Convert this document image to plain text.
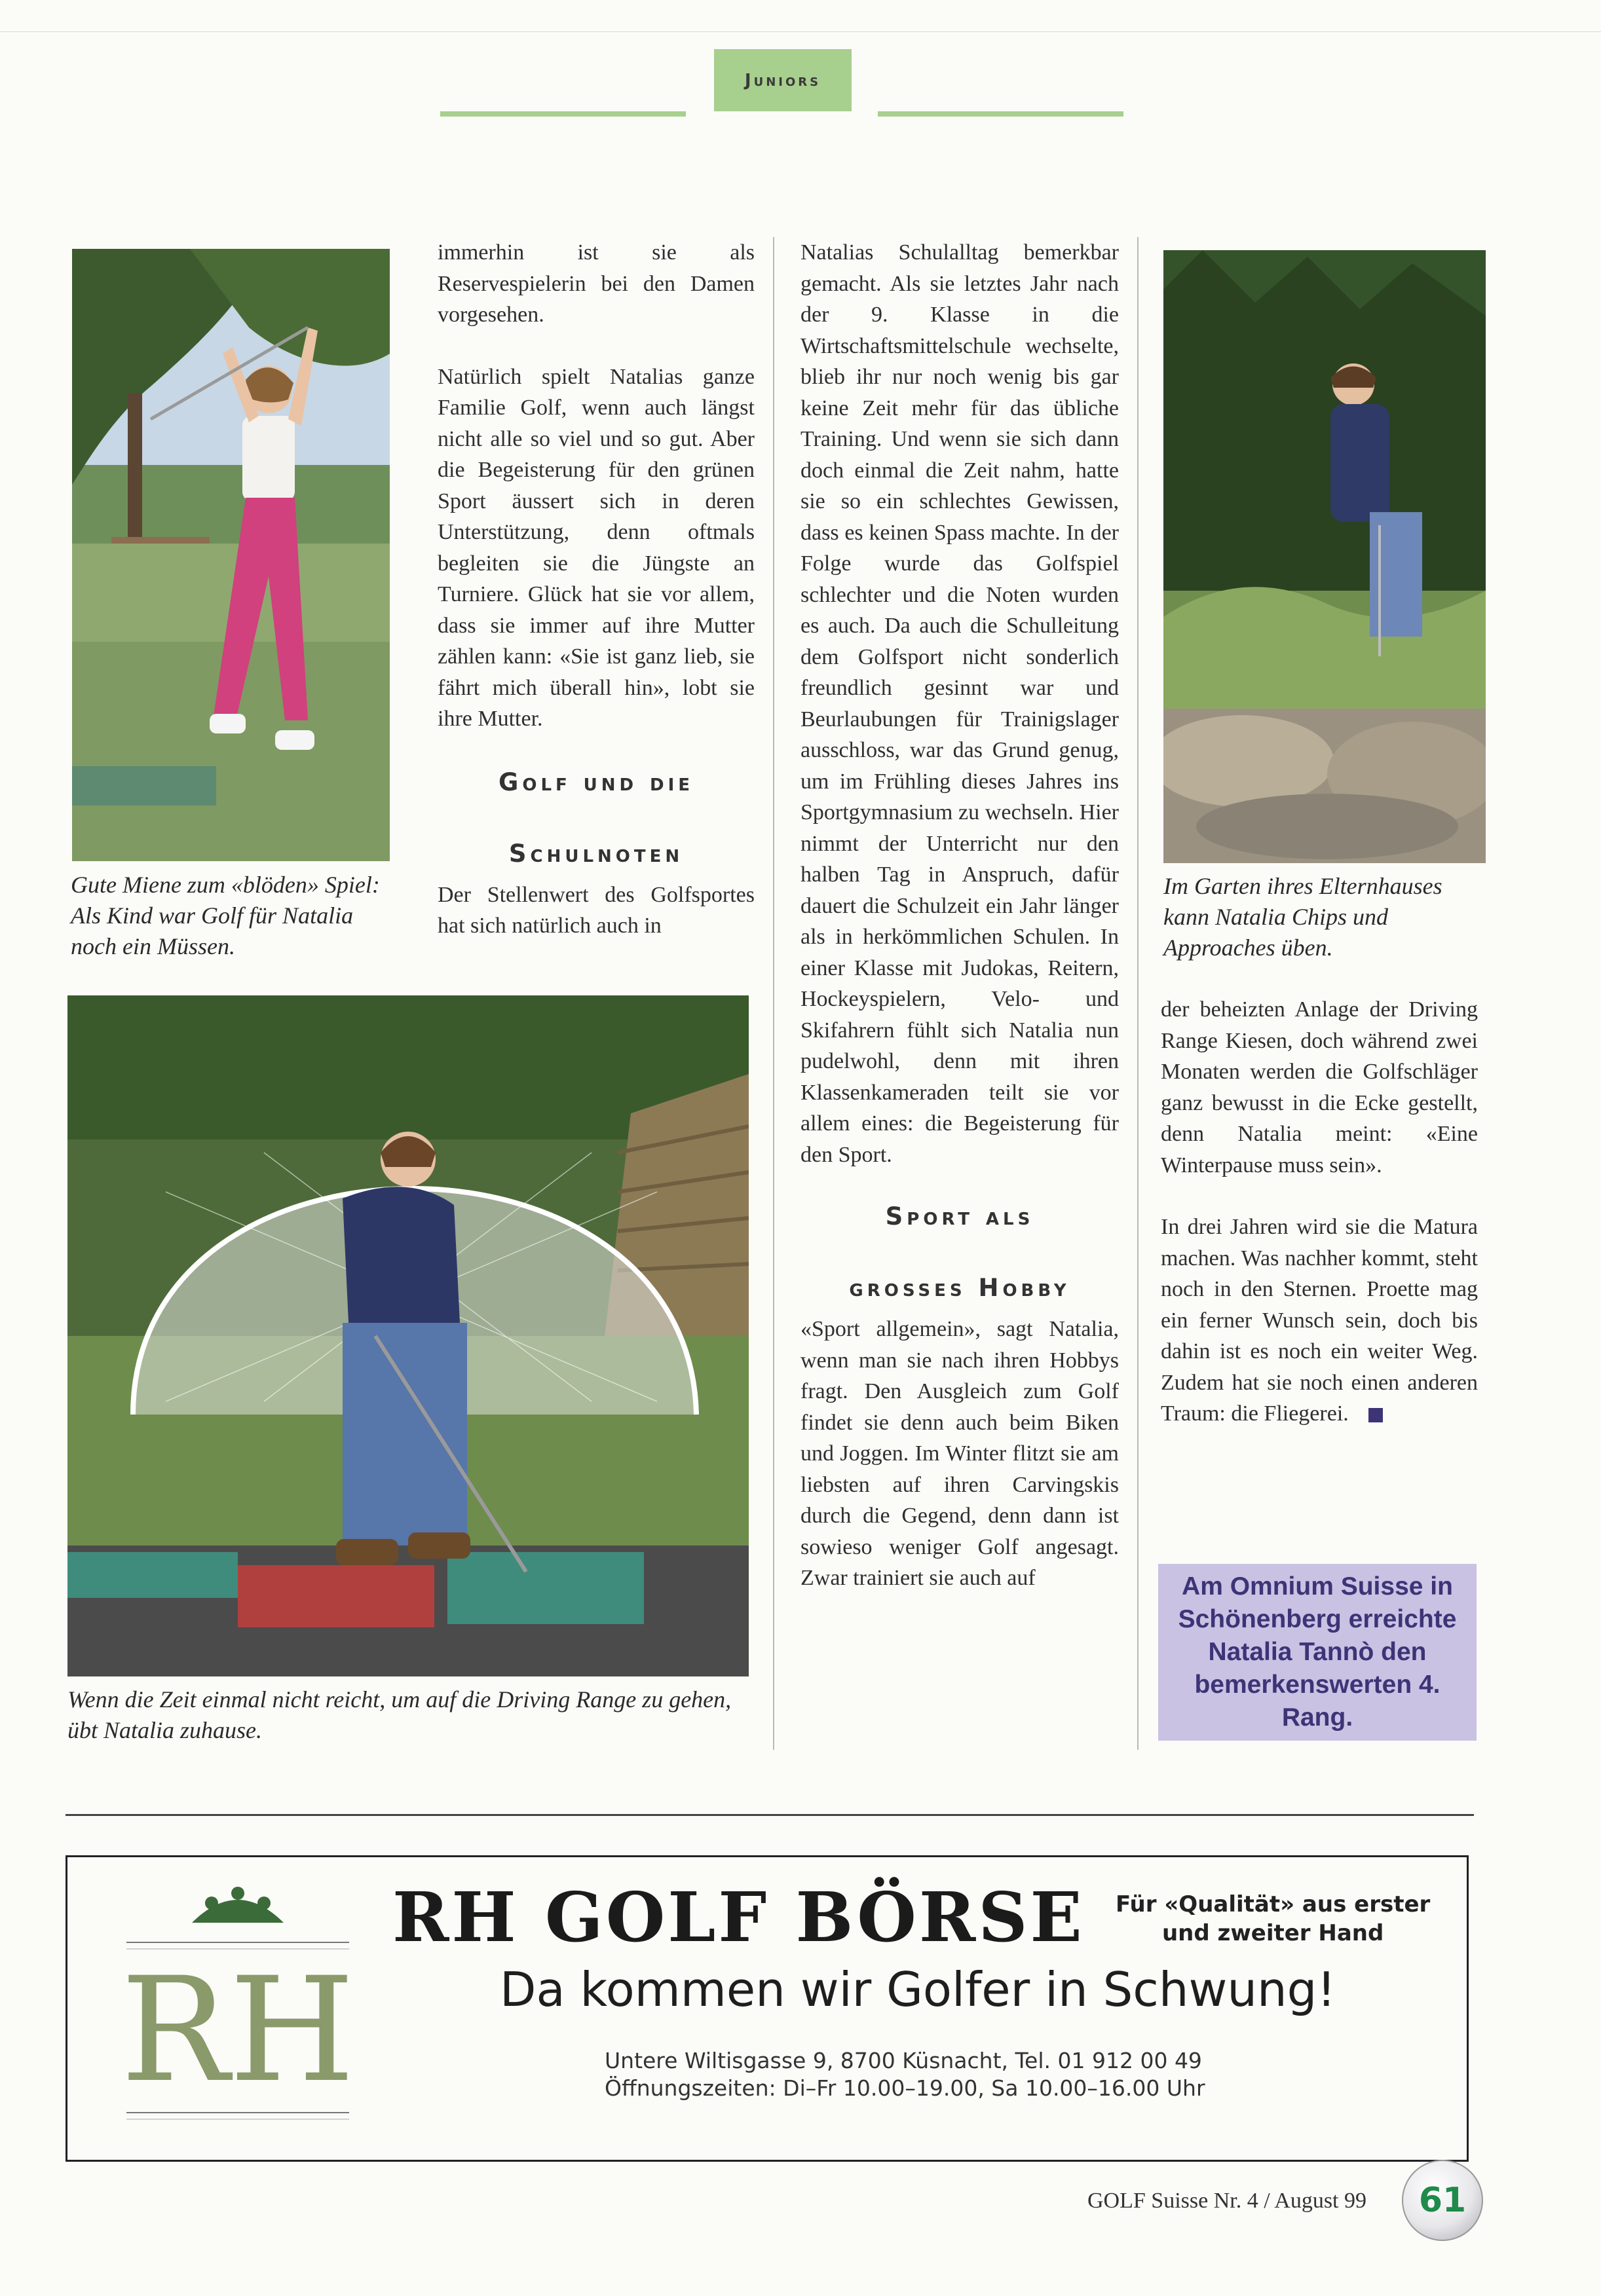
Juniors
Gute Miene zum «blöden» Spiel: Als Kind war Golf für Natalia noch ein Müssen.

immerhin ist sie als Reservespielerin bei den Damen vorgesehen.

Natürlich spielt Natalias ganze Familie Golf, wenn auch längst nicht alle so viel und so gut. Aber die Begeisterung für den grünen Sport äussert sich in deren Unterstützung, denn oftmals begleiten sie die Jüngste an Turniere. Glück hat sie vor allem, dass sie immer auf ihre Mutter zählen kann: «Sie ist ganz lieb, sie fährt mich überall hin», lobt sie ihre Mutter.

Golf und die

Schulnoten

Der Stellenwert des Golfsportes hat sich natürlich auch in

Natalias Schulalltag bemerkbar gemacht. Als sie letztes Jahr nach der 9. Klasse in die Wirtschaftsmittelschule wechselte, blieb ihr nur noch wenig bis gar keine Zeit mehr für das übliche Training. Und wenn sie sich dann doch einmal die Zeit nahm, hatte sie so ein schlechtes Gewissen, dass es keinen Spass machte. In der Folge wurde das Golfspiel schlechter und die Noten wurden es auch. Da auch die Schulleitung dem Golfsport nicht sonderlich freundlich gesinnt war und Beurlaubungen für Trainigslager ausschloss, war das Grund genug, um im Frühling dieses Jahres ins Sportgymnasium zu wechseln. Hier nimmt der Unterricht nur den halben Tag in Anspruch, dafür dauert die Schulzeit ein Jahr länger als in herkömmlichen Schulen. In einer Klasse mit Judokas, Reitern, Hockeyspielern, Velo- und Skifahrern fühlt sich Natalia nun pudelwohl, denn mit ihren Klassenkameraden teilt sie vor allem eines: die Begeisterung für den Sport.

Sport als

grosses Hobby

«Sport allgemein», sagt Natalia, wenn man sie nach ihren Hobbys fragt. Den Ausgleich zum Golf findet sie denn auch beim Biken und Joggen. Im Winter flitzt sie am liebsten auf ihren Carvingskis durch die Gegend, denn dann ist sowieso weniger Golf angesagt. Zwar trainiert sie auch auf

Im Garten ihres Elternhauses kann Natalia Chips und Approaches üben.

der beheizten Anlage der Driving Range Kiesen, doch während zwei Monaten werden die Golfschläger ganz bewusst in die Ecke gestellt, denn Natalia meint: «Eine Winterpause muss sein».

In drei Jahren wird sie die Matura machen. Was nachher kommt, steht noch in den Sternen. Proette mag ein ferner Wunsch sein, doch bis dahin ist es noch ein weiter Weg. Zudem hat sie noch einen anderen Traum: die Fliegerei.

Am Omnium Suisse in Schönenberg erreichte Natalia Tannò den bemerkenswerten 4. Rang.
Wenn die Zeit einmal nicht reicht, um auf die Driving Range zu gehen, übt Natalia zuhause.
RH
RH GOLF BÖRSE Für «Qualität» aus erster
und zweiter Hand
Da kommen wir Golfer in Schwung!
Untere Wiltisgasse 9, 8700 Küsnacht, Tel. 01 912 00 49
Öffnungszeiten: Di–Fr 10.00–19.00, Sa 10.00–16.00 Uhr
GOLF Suisse Nr. 4 / August 99 61
